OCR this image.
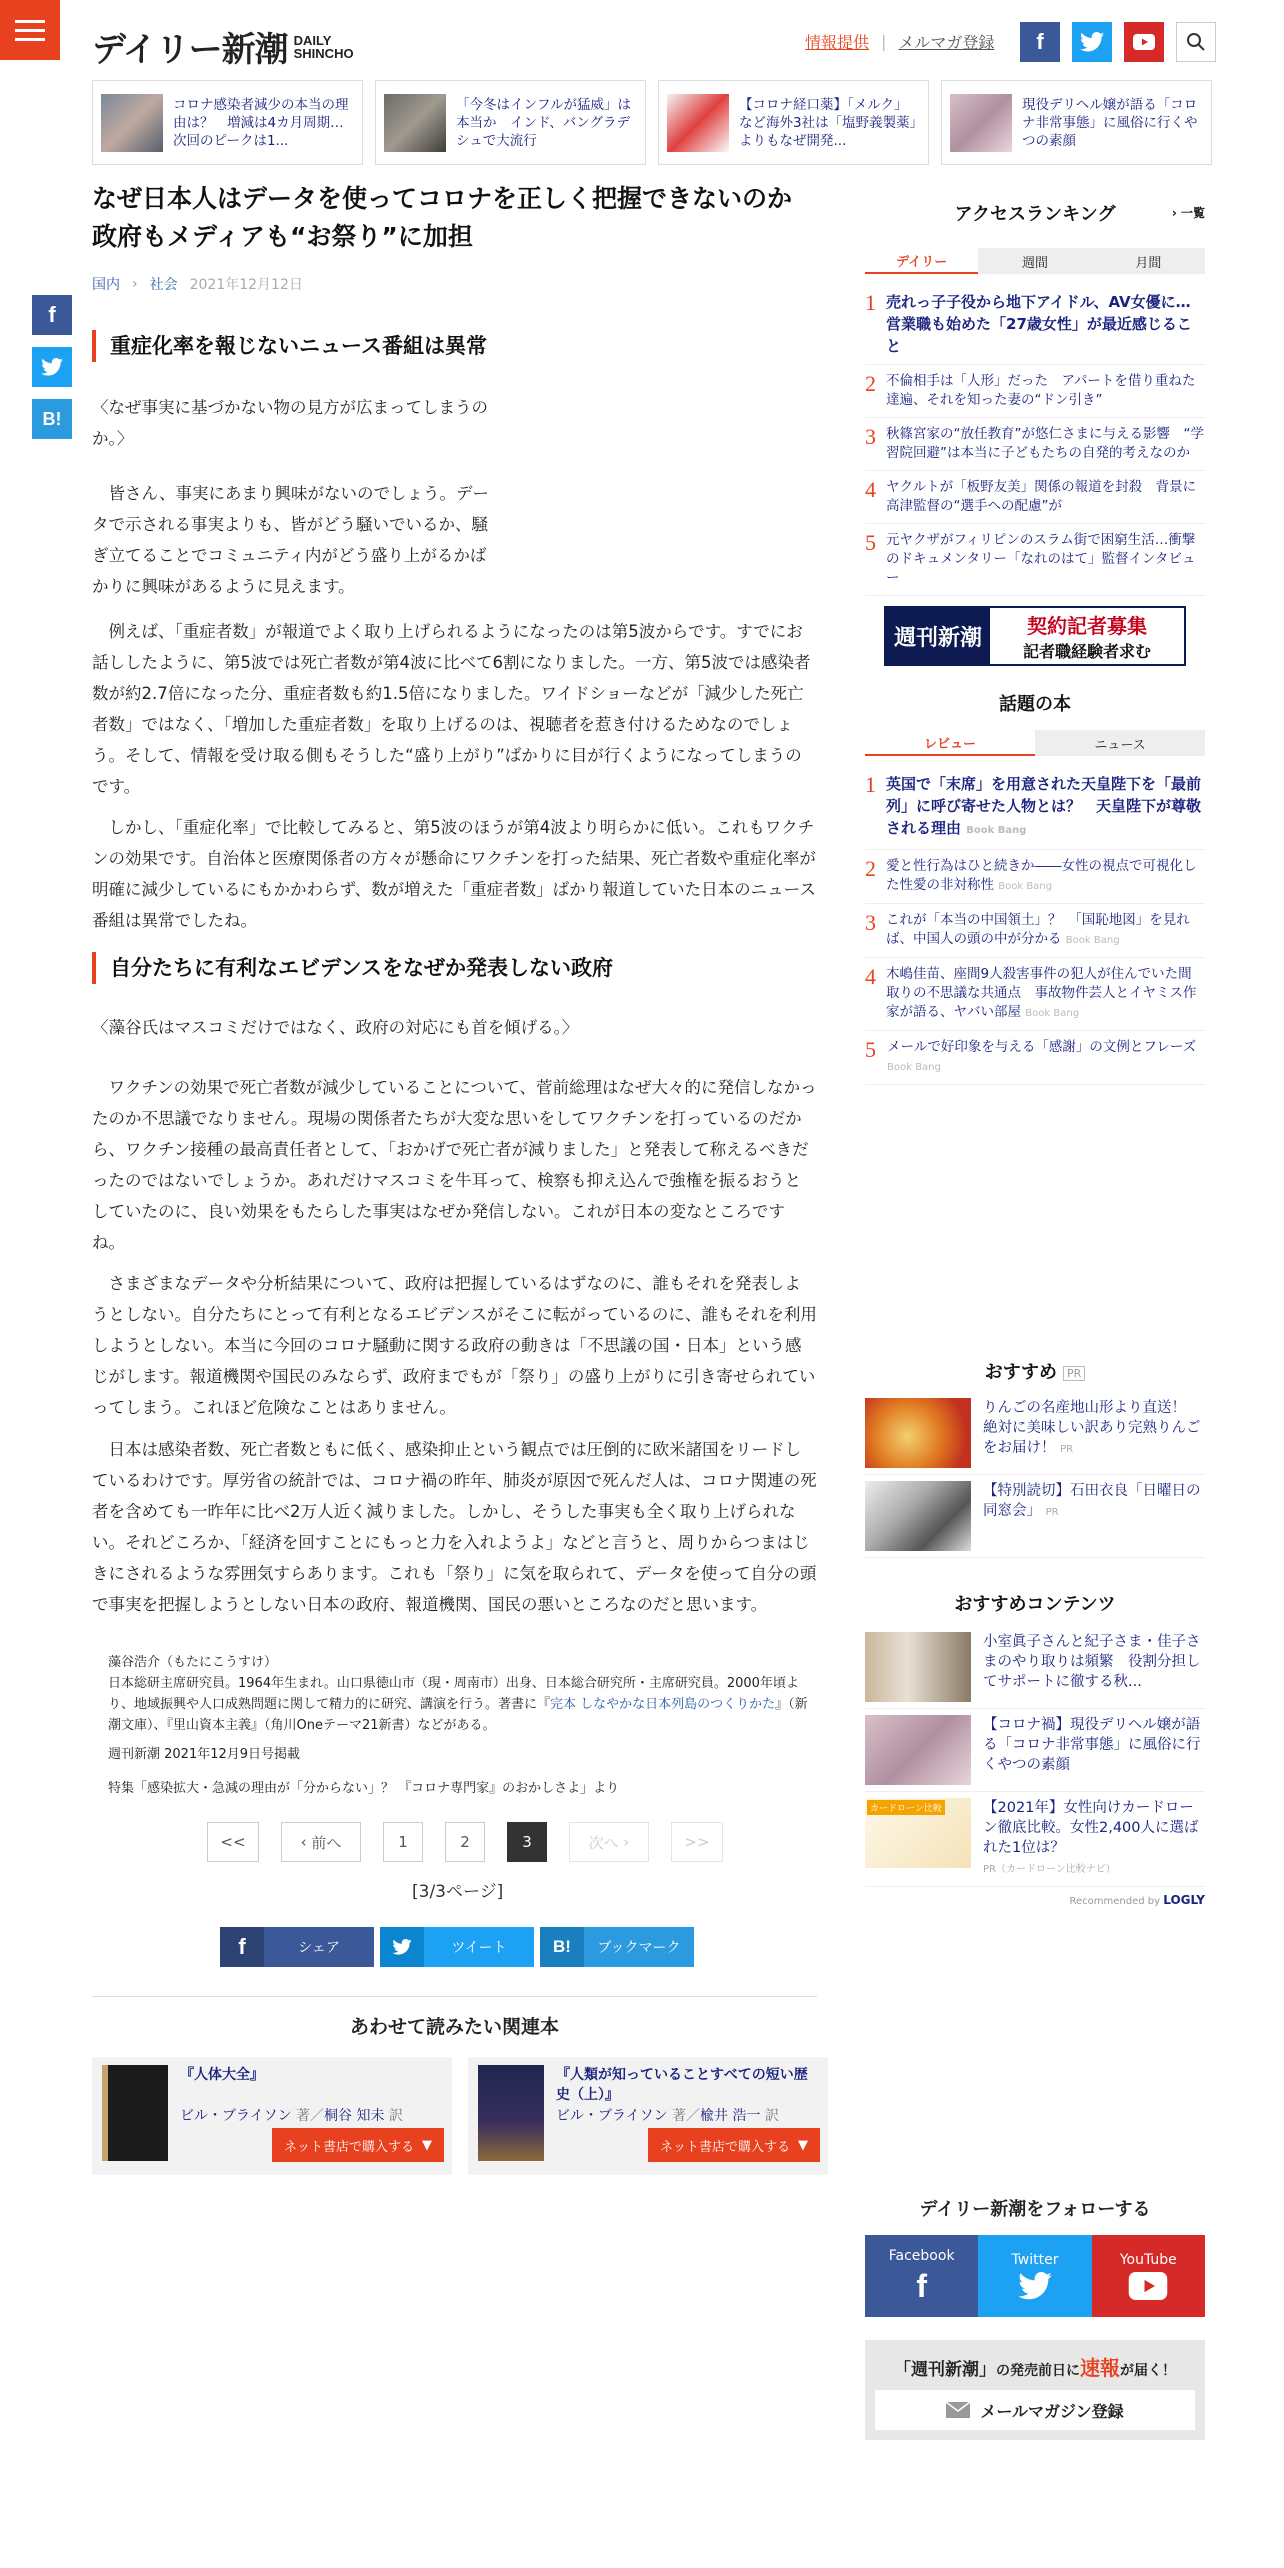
デイリー新潮 DAILY
SHINCHO
情報提供 | メルマガ登録	f
コロナ感染者減少の本当の理由は？　増減は4カ月周期…次回のピークは1...
「今冬はインフルが猛威」は本当か　インド、バングラデシュで大流行
【コロナ経口薬】「メルク」など海外3社は「塩野義製薬」よりもなぜ開発...
現役デリヘル嬢が語る「コロナ非常事態」に風俗に行くやつの素顔
f
B!
なぜ日本人はデータを使ってコロナを正しく把握できないのか
政府もメディアも“お祭り”に加担
国内 › 社会 2021年12月12日
重症化率を報じないニュース番組は異常

〈なぜ事実に基づかない物の見方が広まってしまうのか。〉

　皆さん、事実にあまり興味がないのでしょう。データで示される事実よりも、皆がどう騒いでいるか、騒ぎ立てることでコミュニティ内がどう盛り上がるかばかりに興味があるように見えます。

　例えば、「重症者数」が報道でよく取り上げられるようになったのは第5波からです。すでにお話ししたように、第5波では死亡者数が第4波に比べて6割になりました。一方、第5波では感染者数が約2.7倍になった分、重症者数も約1.5倍になりました。ワイドショーなどが「減少した死亡者数」ではなく、「増加した重症者数」を取り上げるのは、視聴者を惹き付けるためなのでしょう。そして、情報を受け取る側もそうした“盛り上がり”ばかりに目が行くようになってしまうのです。

　しかし、「重症化率」で比較してみると、第5波のほうが第4波より明らかに低い。これもワクチンの効果です。自治体と医療関係者の方々が懸命にワクチンを打った結果、死亡者数や重症化率が明確に減少しているにもかかわらず、数が増えた「重症者数」ばかり報道していた日本のニュース番組は異常でしたね。

自分たちに有利なエビデンスをなぜか発表しない政府

〈藻谷氏はマスコミだけではなく、政府の対応にも首を傾げる。〉

　ワクチンの効果で死亡者数が減少していることについて、菅前総理はなぜ大々的に発信しなかったのか不思議でなりません。現場の関係者たちが大変な思いをしてワクチンを打っているのだから、ワクチン接種の最高責任者として、「おかげで死亡者が減りました」と発表して称えるべきだったのではないでしょうか。あれだけマスコミを牛耳って、検察も抑え込んで強権を振るおうとしていたのに、良い効果をもたらした事実はなぜか発信しない。これが日本の変なところですね。

　さまざまなデータや分析結果について、政府は把握しているはずなのに、誰もそれを発表しようとしない。自分たちにとって有利となるエビデンスがそこに転がっているのに、誰もそれを利用しようとしない。本当に今回のコロナ騒動に関する政府の動きは「不思議の国・日本」という感じがします。報道機関や国民のみならず、政府までもが「祭り」の盛り上がりに引き寄せられていってしまう。これほど危険なことはありません。

　日本は感染者数、死亡者数ともに低く、感染抑止という観点では圧倒的に欧米諸国をリードしているわけです。厚労省の統計では、コロナ禍の昨年、肺炎が原因で死んだ人は、コロナ関連の死者を含めても一昨年に比べ2万人近く減りました。しかし、そうした事実も全く取り上げられない。それどころか、「経済を回すことにもっと力を入れようよ」などと言うと、周りからつまはじきにされるような雰囲気すらあります。これも「祭り」に気を取られて、データを使って自分の頭で事実を把握しようとしない日本の政府、報道機関、国民の悪いところなのだと思います。

藻谷浩介（もたにこうすけ）
日本総研主席研究員。1964年生まれ。山口県徳山市（現・周南市）出身、日本総合研究所・主席研究員。2000年頃より、地域振興や人口成熟問題に関して精力的に研究、講演を行う。著書に『完本 しなやかな日本列島のつくりかた』（新潮文庫）、『里山資本主義』（角川Oneテーマ21新書）などがある。
週刊新潮 2021年12月9日号掲載
特集「感染拡大・急減の理由が「分からない」？ 『コロナ専門家』のおかしさよ」より
<<	‹ 前へ	1	2	3	次へ ›	>>
[3/3ページ]
f	シェア	ツイート	B!	ブックマーク
あわせて読みたい関連本
『人体大全』
ビル・ブライソン 著／桐谷 知未 訳
ネット書店で購入する ▼
『人類が知っていることすべての短い歴史（上）』
ビル・ブライソン 著／楡井 浩一 訳
ネット書店で購入する ▼
アクセスランキング	› 一覧
デイリー	週間	月間
1 売れっ子子役から地下アイドル、AV女優に…営業職も始めた「27歳女性」が最近感じること
2 不倫相手は「人形」だった　アパートを借り重ねた達遍、それを知った妻の“ドン引き”
3 秋篠宮家の“放任教育”が悠仁さまに与える影響　“学習院回避”は本当に子どもたちの自発的考えなのか
4 ヤクルトが「板野友美」関係の報道を封殺　背景に高津監督の“選手への配慮”が
5 元ヤクザがフィリピンのスラム街で困窮生活…衝撃のドキュメンタリー「なれのはて」監督インタビュー
週刊新潮	契約記者募集
記者職経験者求む
話題の本
レビュー	ニュース
1 英国で「末席」を用意された天皇陛下を「最前列」に呼び寄せた人物とは？　天皇陛下が尊敬される理由 Book Bang
2 愛と性行為はひと続きか――女性の視点で可視化した性愛の非対称性 Book Bang
3 これが「本当の中国領土」？　「国恥地図」を見れば、中国人の頭の中が分かる Book Bang
4 木嶋佳苗、座間9人殺害事件の犯人が住んでいた間取りの不思議な共通点　事故物件芸人とイヤミス作家が語る、ヤバい部屋 Book Bang
5 メールで好印象を与える「感謝」の文例とフレーズ Book Bang
おすすめ PR
りんごの名産地山形より直送！　絶対に美味しい訳あり完熟りんごをお届け！ PR
【特別読切】石田衣良「日曜日の同窓会」 PR
おすすめコンテンツ
小室眞子さんと紀子さま・佳子さまのやり取りは頻繁　役割分担してサポートに徹する秋...
【コロナ禍】現役デリヘル嬢が語る「コロナ非常事態」に風俗に行くやつの素顔
カードローン比較	【2021年】女性向けカードローン徹底比較。女性2,400人に選ばれた1位は？
PR（カードローン比較ナビ）
Recommended by LOGLY
デイリー新潮をフォローする
Facebook
f
Twitter	YouTube
「週刊新潮」の発売前日に速報が届く！
メールマガジン登録
